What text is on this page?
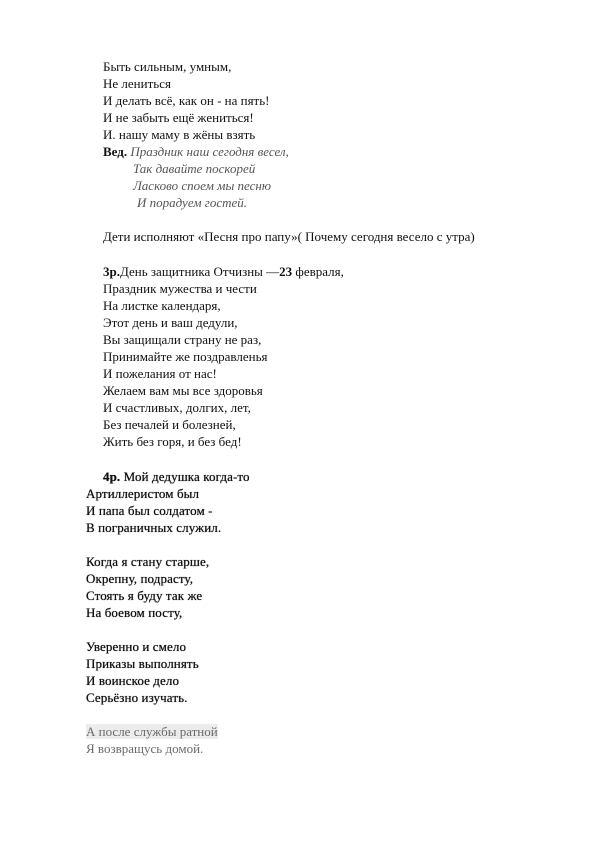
Быть сильным, умным,
Не лениться
И делать всё, как он - на пять!
И не забыть ещё жениться!
И. нашу маму в жёны взять
Вед. Праздник наш сегодня весел,
Так давайте поскорей
Ласково споем мы песню
И порадуем гостей.
Дети исполняют «Песня про папу»( Почему сегодня весело с утра)
3р.День защитника Отчизны —23 февраля,
Праздник мужества и чести
На листке календаря,
Этот день и ваш дедули,
Вы защищали страну не раз,
Принимайте же поздравленья
И пожелания от нас!
Желаем вам мы все здоровья
И счастливых, долгих, лет,
Без печалей и болезней,
Жить без горя, и без бед!
4р. Мой дедушка когда-то
Артиллеристом был
И папа был солдатом -
В пограничных служил.
Когда я стану старше,
Окрепну, подрасту,
Стоять я буду так же
На боевом посту,
Уверенно и смело
Приказы выполнять
И воинское дело
Серьёзно изучать.
А после службы ратной
Я возвращусь домой.
